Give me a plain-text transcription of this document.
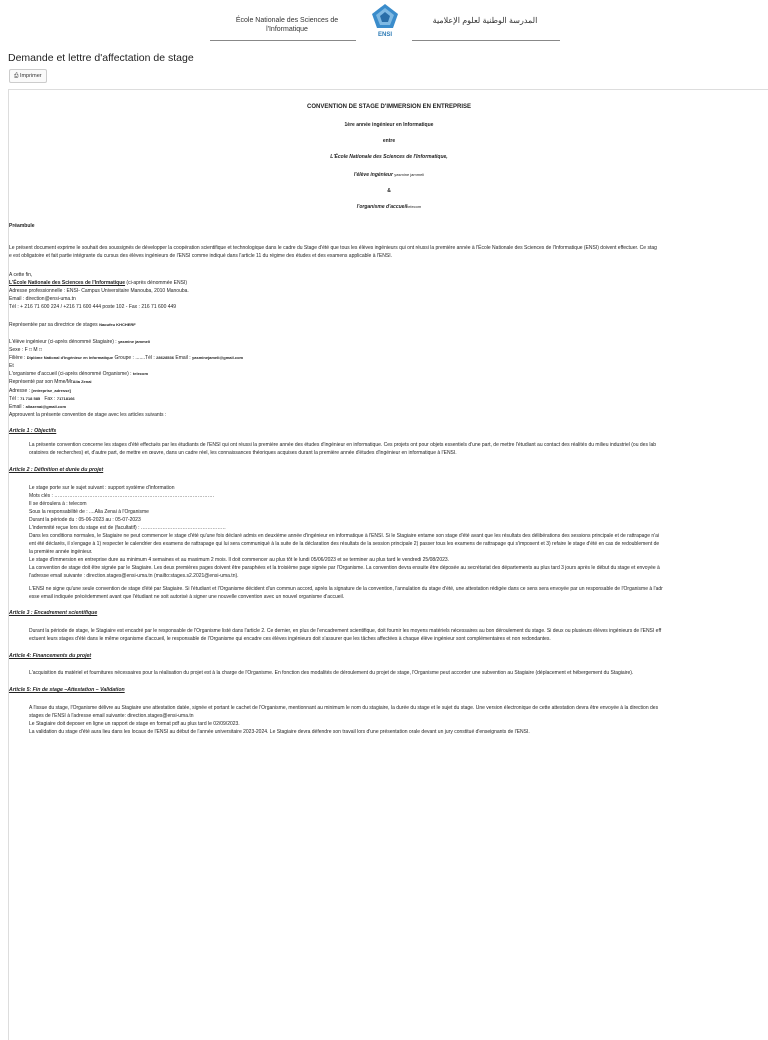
École Nationale des Sciences de
l'Informatique
ENSI
المدرسة الوطنية لعلوم الإعلامية
Demande et lettre d'affectation de stage
⎙ Imprimer
CONVENTION DE STAGE D'IMMERSION EN ENTREPRISE
1ère année ingénieur en Informatique
entre
L'École Nationale des Sciences de l'Informatique,
l'élève ingénieur yasmine jammeli
&
l'organisme d'accueiltelecom
Préambule
Le présent document exprime le souhait des soussignés de développer la coopération scientifique et technologique dans le cadre du Stage d'été que tous les élèves ingénieurs qui ont réussi la première année à l'École Nationale des Sciences de l'Informatique (ENSI) doivent effectuer. Ce stag
e est obligatoire et fait partie intégrante du cursus des élèves ingénieurs de l'ENSI comme indiqué dans l'article 11 du régime des études et des examens applicable à l'ENSI.
A cette fin,
L'École Nationale des Sciences de l'Informatique (ci-après dénommée ENSI)
Adresse professionnelle : ENSI- Campus Universitaire Manouba, 2010 Manouba.
Email : direction@ensi-uma.tn
Tél : + 216 71 600 224 / +216 71 600 444 poste 102 - Fax : 216 71 600 449
Représentée par sa directrice de stages Naoufeu KHCHERF
L'élève ingénieur (ci-après dénommé Stagiaire) : yasmine jammeli
Sexe : F □ M □
Filière : Diplôme National d'Ingénieur en Informatique Groupe : .......Tél : 28628536 Email : yasminejameli@gmail.com
Et
L'organisme d'accueil (ci-après dénommé Organisme) : telecom
Représenté par son Mme/MrAlia Zenai
Adresse : [entreprise_adresse]
Tél : 71 718 585 Fax : 71718166
Email : aliazenai@gmail.com
Approuvent la présente convention de stage avec les articles suivants :
Article 1 : Objectifs
La présente convention concerne les stages d'été effectués par les étudiants de l'ENSI qui ont réussi la première année des études d'ingénieur en informatique. Ces projets ont pour objets essentiels d'une part, de mettre l'étudiant au contact des réalités du milieu industriel (ou des lab
oratoires de recherches) et, d'autre part, de mettre en œuvre, dans un cadre réel, les connaissances théoriques acquises durant la première année d'études d'ingénieur en informatique à l'ENSI.
Article 2 : Définition et durée du projet
Le stage porte sur le sujet suivant : support système d'information
Mots clés : ……………………………………………………………………………………
Il se déroulera à : telecom
Sous la responsabilité de : ....Alia Zenai à l'Organisme
Durant la période du : 05-06-2023 au : 05-07-2023
L'indemnité reçue lors du stage est de (facultatif) : ……………………………………………
Dans les conditions normales, le Stagiaire ne peut commencer le stage d'été qu'une fois déclaré admis en deuxième année d'ingénieur en informatique à l'ENSI. Si le Stagiaire entame son stage d'été avant que les résultats des délibérations des sessions principale et de rattrapage n'ai
ent été déclarés, il s'engage à 1) respecter le calendrier des examens de rattrapage qui lui sera communiqué à la suite de la déclaration des résultats de la session principale 2) passer tous les examens de rattrapage qui s'imposent et 3) refaire le stage d'été en cas de redoublement de
la première année ingénieur.
Le stage d'immersion en entreprise dure au minimum 4 semaines et au maximum 2 mois. Il doit commencer au plus tôt le lundi 05/06/2023 et se terminer au plus tard le vendredi 25/08/2023.
La convention de stage doit être signée par le Stagiaire. Les deux premières pages doivent être paraphées et la troisième page signée par l'Organisme. La convention devra ensuite être déposée au secrétariat des départements au plus tard 3 jours après le début du stage et envoyée à
l'adresse email suivante : direction.stages@ensi-uma.tn (mailto:stages.s2.2021@ensi-uma.tn).
L'ENSI ne signe qu'une seule convention de stage d'été par Stagiaire. Si l'étudiant et l'Organisme décident d'un commun accord, après la signature de la convention, l'annulation du stage d'été, une attestation rédigée dans ce sens sera envoyée par un responsable de l'Organisme à l'adr
esse email indiquée précédemment avant que l'étudiant ne soit autorisé à signer une nouvelle convention avec un nouvel organisme d'accueil.
Article 3 : Encadrement scientifique
Durant la période de stage, le Stagiaire est encadré par le responsable de l'Organisme listé dans l'article 2. Ce dernier, en plus de l'encadrement scientifique, doit fournir les moyens matériels nécessaires au bon déroulement du stage. Si deux ou plusieurs élèves ingénieurs de l'ENSI eff
ectuent leurs stages d'été dans le même organisme d'accueil, le responsable de l'Organisme qui encadre ces élèves ingénieurs doit s'assurer que les tâches affectées à chaque élève ingénieur sont complémentaires et non redondantes.
Article 4: Financements du projet
L'acquisition du matériel et fournitures nécessaires pour la réalisation du projet est à la charge de l'Organisme. En fonction des modalités de déroulement du projet de stage, l'Organisme peut accorder une subvention au Stagiaire (déplacement et hébergement du Stagiaire).
Article 5: Fin de stage –Attestation – Validation
A l'issue du stage, l'Organisme délivre au Stagiaire une attestation datée, signée et portant le cachet de l'Organisme, mentionnant au minimum le nom du stagiaire, la durée du stage et le sujet du stage. Une version électronique de cette attestation devra être envoyée à la direction des
stages de l'ENSI à l'adresse email suivante: direction.stages@ensi-uma.tn
Le Stagiaire doit deposer en ligne un rapport de stage en format pdf au plus tard le 02/09/2023.
La validation du stage d'été aura lieu dans les locaux de l'ENSI au début de l'année universitaire 2023-2024. Le Stagiaire devra défendre son travail lors d'une présentation orale devant un jury constitué d'enseignants de l'ENSI.
